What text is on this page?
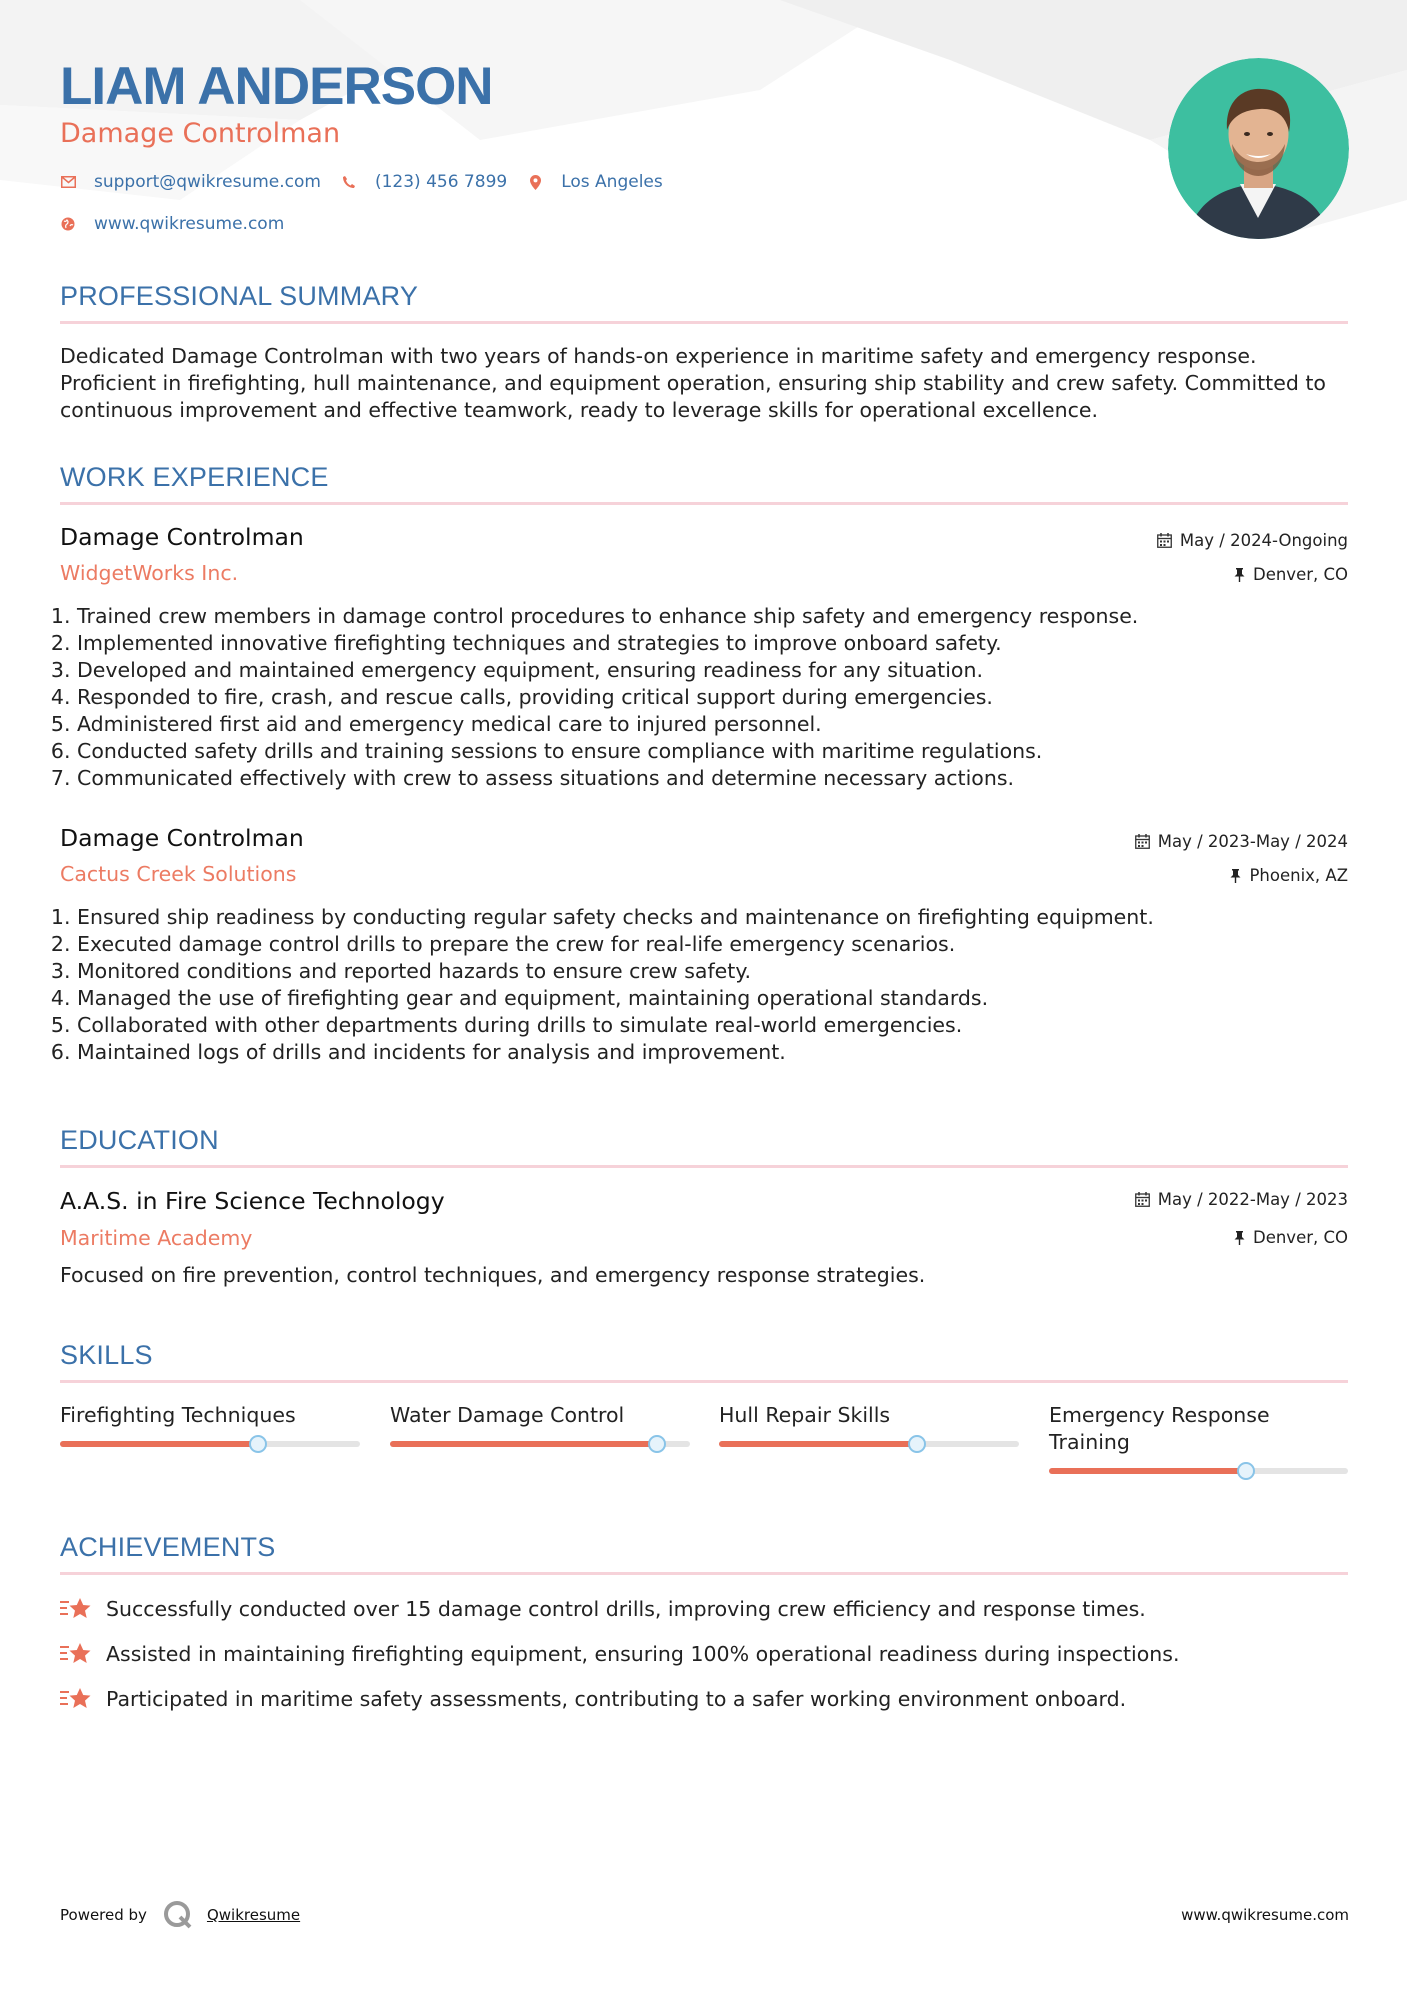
LIAM ANDERSON
Damage Controlman
support@qwikresume.com	(123) 456 7899	Los Angeles
www.qwikresume.com
PROFESSIONAL SUMMARY

Dedicated Damage Controlman with two years of hands-on experience in maritime safety and emergency response. Proficient in firefighting, hull maintenance, and equipment operation, ensuring ship stability and crew safety. Committed to continuous improvement and effective teamwork, ready to leverage skills for operational excellence.

WORK EXPERIENCE
Damage Controlman	May / 2024-Ongoing
WidgetWorks Inc.	Denver, CO
1. Trained crew members in damage control procedures to enhance ship safety and emergency response.
2. Implemented innovative firefighting techniques and strategies to improve onboard safety.
3. Developed and maintained emergency equipment, ensuring readiness for any situation.
4. Responded to fire, crash, and rescue calls, providing critical support during emergencies.
5. Administered first aid and emergency medical care to injured personnel.
6. Conducted safety drills and training sessions to ensure compliance with maritime regulations.
7. Communicated effectively with crew to assess situations and determine necessary actions.
Damage Controlman	May / 2023-May / 2024
Cactus Creek Solutions	Phoenix, AZ
1. Ensured ship readiness by conducting regular safety checks and maintenance on firefighting equipment.
2. Executed damage control drills to prepare the crew for real-life emergency scenarios.
3. Monitored conditions and reported hazards to ensure crew safety.
4. Managed the use of firefighting gear and equipment, maintaining operational standards.
5. Collaborated with other departments during drills to simulate real-world emergencies.
6. Maintained logs of drills and incidents for analysis and improvement.
EDUCATION
A.A.S. in Fire Science Technology	May / 2022-May / 2023
Maritime Academy	Denver, CO

Focused on fire prevention, control techniques, and emergency response strategies.

SKILLS
Firefighting Techniques	Water Damage Control	Hull Repair Skills	Emergency Response Training
ACHIEVEMENTS
Successfully conducted over 15 damage control drills, improving crew efficiency and response times.
Assisted in maintaining firefighting equipment, ensuring 100% operational readiness during inspections.
Participated in maritime safety assessments, contributing to a safer working environment onboard.
Powered by	Qwikresume	www.qwikresume.com
